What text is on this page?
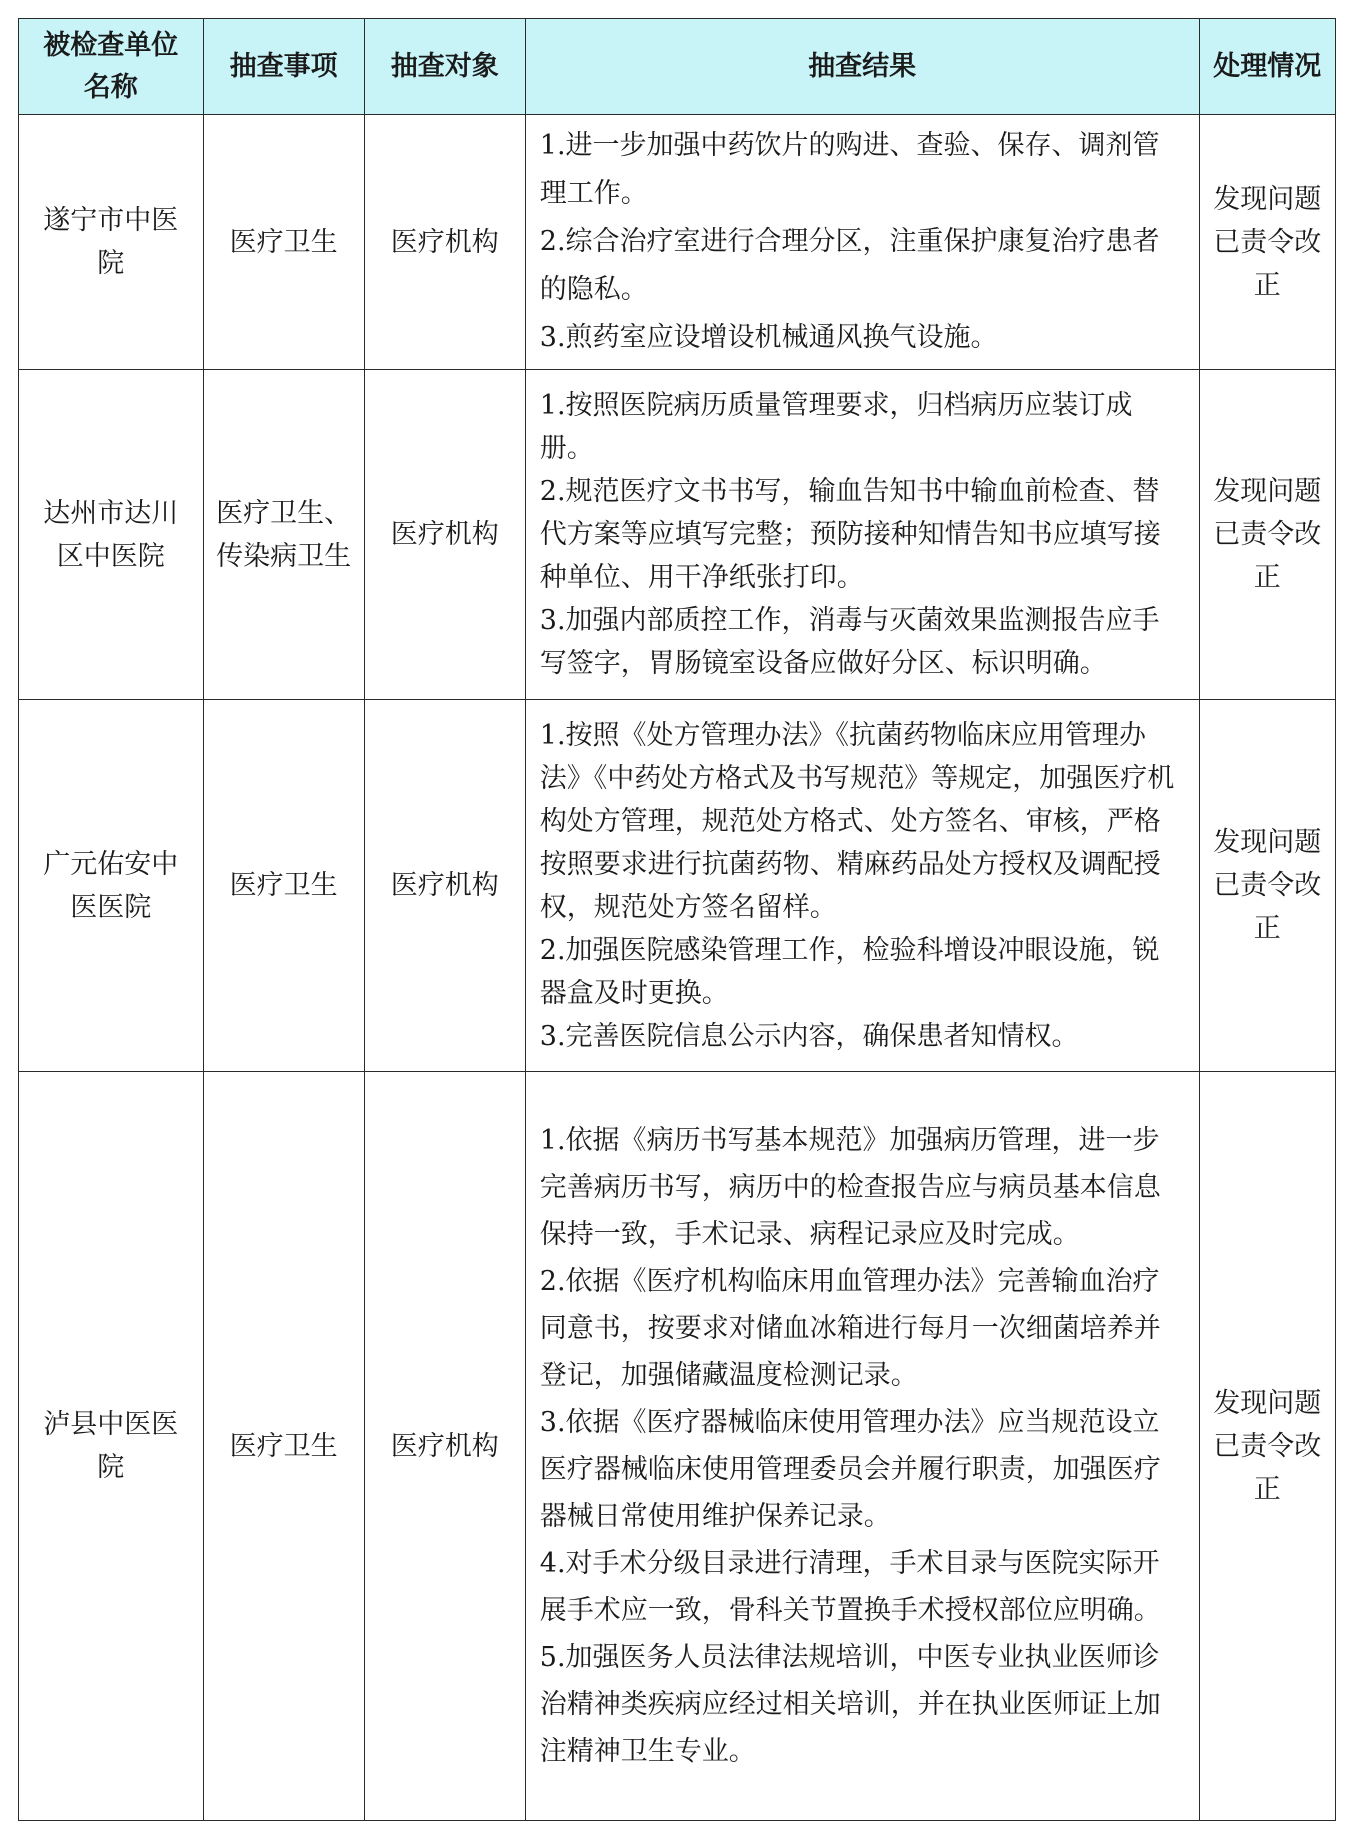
被检查单位名称	抽查事项	抽查对象	抽查结果	处理情况
遂宁市中医院	医疗卫生	医疗机构	1.进一步加强中药饮片的购进、查验、保存、调剂管理工作。
2.综合治疗室进行合理分区，注重保护康复治疗患者的隐私。
3.煎药室应设增设机械通风换气设施。	发现问题已责令改正
达州市达川区中医院	医疗卫生、传染病卫生	医疗机构	1.按照医院病历质量管理要求，归档病历应装订成册。
2.规范医疗文书书写，输血告知书中输血前检查、替代方案等应填写完整；预防接种知情告知书应填写接种单位、用干净纸张打印。
3.加强内部质控工作，消毒与灭菌效果监测报告应手写签字，胃肠镜室设备应做好分区、标识明确。	发现问题已责令改正
广元佑安中医医院	医疗卫生	医疗机构	1.按照《处方管理办法》《抗菌药物临床应用管理办法》《中药处方格式及书写规范》等规定，加强医疗机构处方管理，规范处方格式、处方签名、审核，严格按照要求进行抗菌药物、精麻药品处方授权及调配授权，规范处方签名留样。
2.加强医院感染管理工作，检验科增设冲眼设施，锐器盒及时更换。
3.完善医院信息公示内容，确保患者知情权。	发现问题已责令改正
泸县中医医院	医疗卫生	医疗机构	1.依据《病历书写基本规范》加强病历管理，进一步完善病历书写，病历中的检查报告应与病员基本信息保持一致，手术记录、病程记录应及时完成。
2.依据《医疗机构临床用血管理办法》完善输血治疗同意书，按要求对储血冰箱进行每月一次细菌培养并登记，加强储藏温度检测记录。
3.依据《医疗器械临床使用管理办法》应当规范设立医疗器械临床使用管理委员会并履行职责，加强医疗器械日常使用维护保养记录。
4.对手术分级目录进行清理，手术目录与医院实际开展手术应一致，骨科关节置换手术授权部位应明确。
5.加强医务人员法律法规培训，中医专业执业医师诊治精神类疾病应经过相关培训，并在执业医师证上加注精神卫生专业。	发现问题已责令改正
